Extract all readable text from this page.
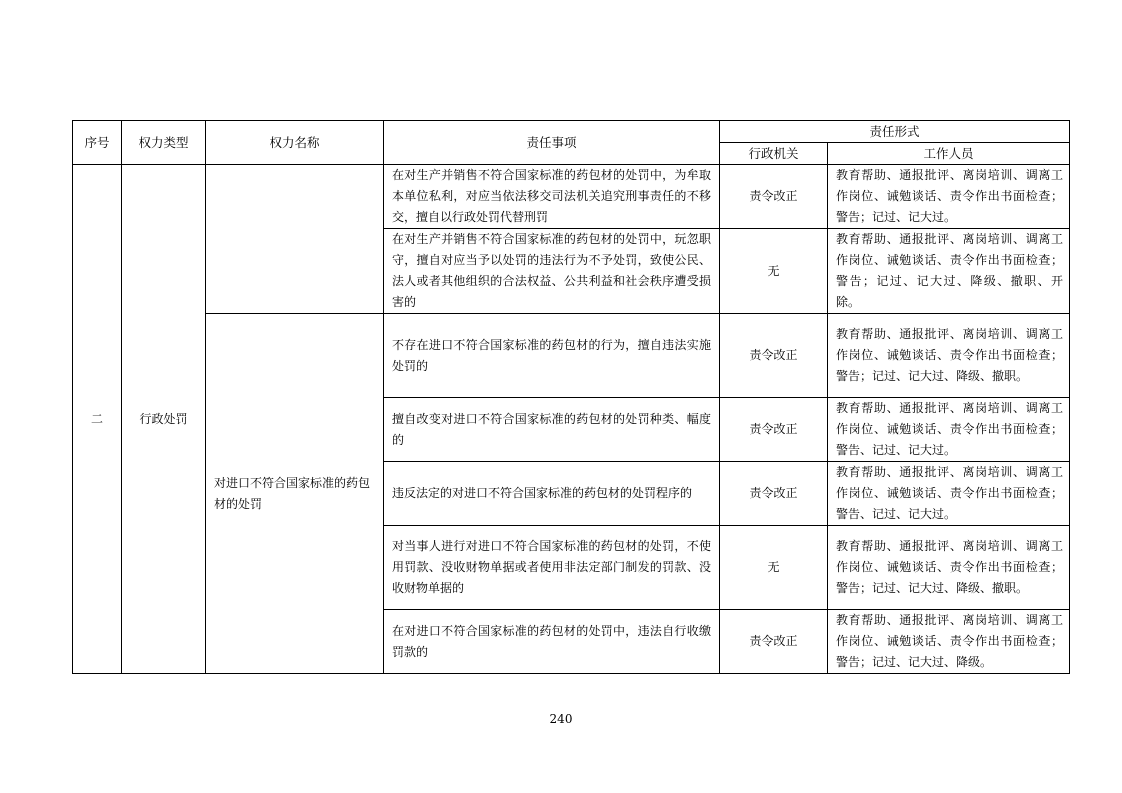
序号	权力类型	权力名称	责任事项	责任形式	
				行政机关	工作人员
二	行政处罚		在对生产并销售不符合国家标准的药包材的处罚中，为牟取本单位私利，对应当依法移交司法机关追究刑事责任的不移交，擅自以行政处罚代替刑罚	责令改正	教育帮助、通报批评、离岗培训、调离工作岗位、诫勉谈话、责令作出书面检查；警告；记过、记大过。
			在对生产并销售不符合国家标准的药包材的处罚中，玩忽职守，擅自对应当予以处罚的违法行为不予处罚，致使公民、法人或者其他组织的合法权益、公共利益和社会秩序遭受损害的	无	教育帮助、通报批评、离岗培训、调离工作岗位、诫勉谈话、责令作出书面检查；警告；记过、记大过、降级、撤职、开除。
		对进口不符合国家标准的药包材的处罚	不存在进口不符合国家标准的药包材的行为，擅自违法实施处罚的	责令改正	教育帮助、通报批评、离岗培训、调离工作岗位、诫勉谈话、责令作出书面检查；警告；记过、记大过、降级、撤职。
			擅自改变对进口不符合国家标准的药包材的处罚种类、幅度的	责令改正	教育帮助、通报批评、离岗培训、调离工作岗位、诫勉谈话、责令作出书面检查；警告、记过、记大过。
			违反法定的对进口不符合国家标准的药包材的处罚程序的	责令改正	教育帮助、通报批评、离岗培训、调离工作岗位、诫勉谈话、责令作出书面检查；警告、记过、记大过。
			对当事人进行对进口不符合国家标准的药包材的处罚，不使用罚款、没收财物单据或者使用非法定部门制发的罚款、没收财物单据的	无	教育帮助、通报批评、离岗培训、调离工作岗位、诫勉谈话、责令作出书面检查；警告；记过、记大过、降级、撤职。
			在对进口不符合国家标准的药包材的处罚中，违法自行收缴罚款的	责令改正	教育帮助、通报批评、离岗培训、调离工作岗位、诫勉谈话、责令作出书面检查；警告；记过、记大过、降级。
240
